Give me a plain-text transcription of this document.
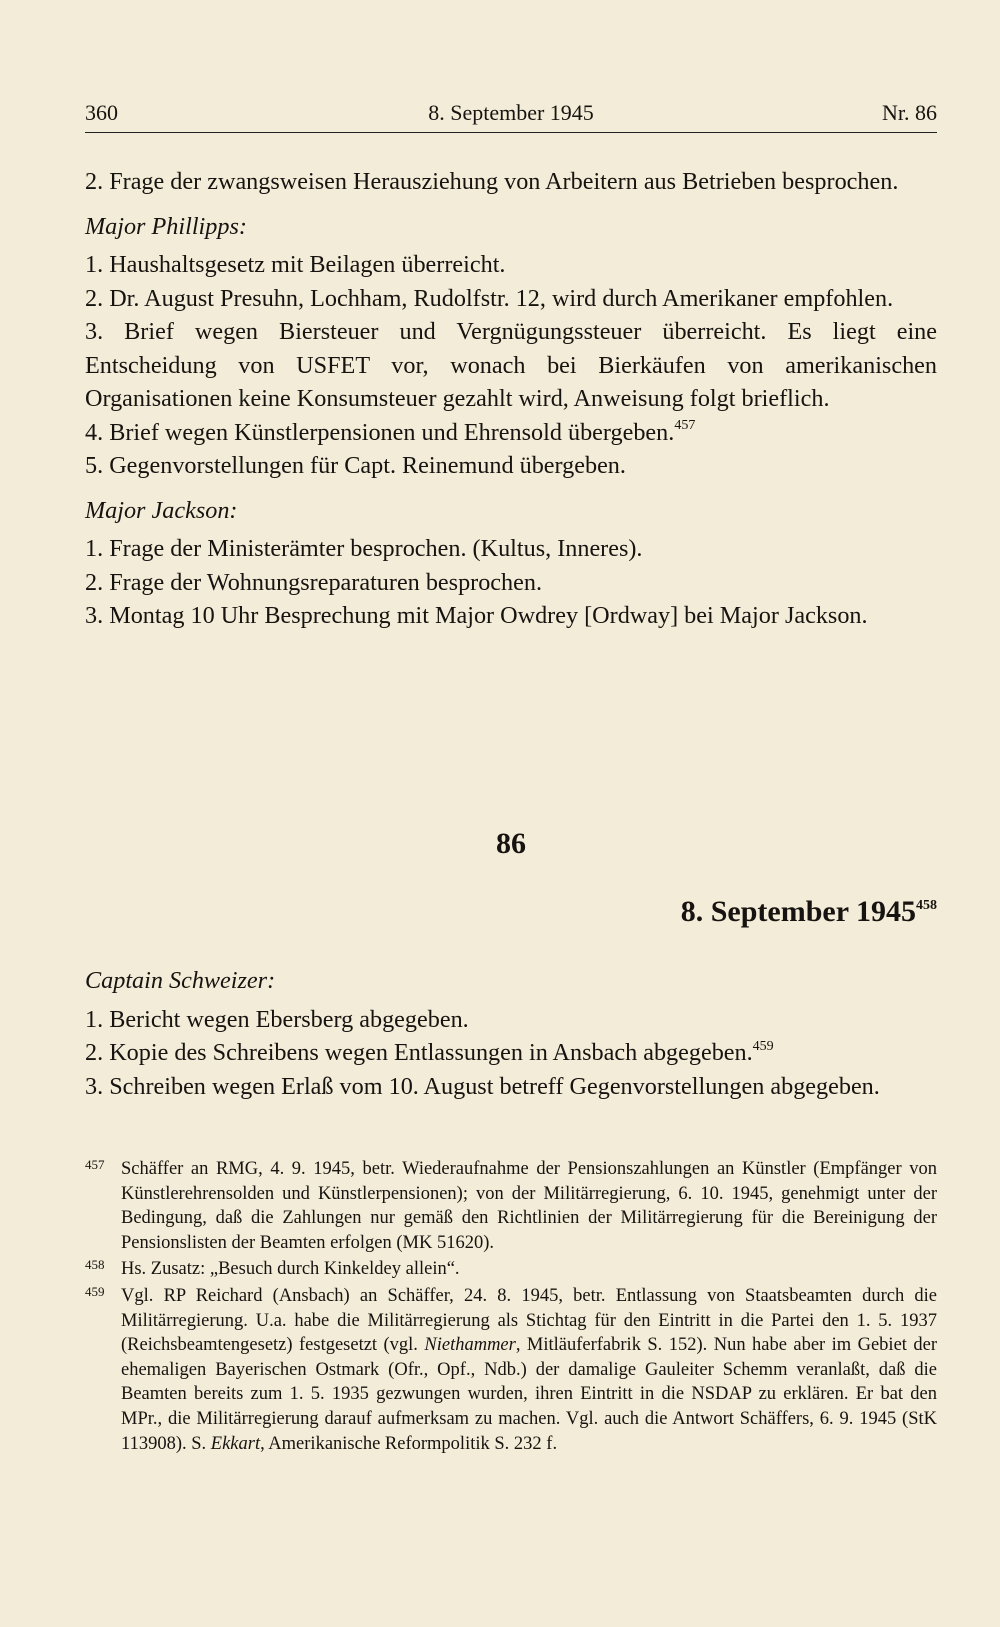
360	8. September 1945	Nr. 86

2. Frage der zwangsweisen Herausziehung von Arbeitern aus Betrieben besprochen.

Major Phillipps:

1. Haushaltsgesetz mit Beilagen überreicht.

2. Dr. August Presuhn, Lochham, Rudolfstr. 12, wird durch Amerikaner empfohlen.

3. Brief wegen Biersteuer und Vergnügungssteuer überreicht. Es liegt eine Entscheidung von USFET vor, wonach bei Bierkäufen von amerikanischen Organisationen keine Konsumsteuer gezahlt wird, Anweisung folgt brieflich.

4. Brief wegen Künstlerpensionen und Ehrensold übergeben.$^{457}$

5. Gegenvorstellungen für Capt. Reinemund übergeben.

Major Jackson:

1. Frage der Ministerämter besprochen. (Kultus, Inneres).

2. Frage der Wohnungsreparaturen besprochen.

3. Montag 10 Uhr Besprechung mit Major Owdrey [Ordway] bei Major Jackson.

86
8. September 1945$^{458}$

Captain Schweizer:

1. Bericht wegen Ebersberg abgegeben.

2. Kopie des Schreibens wegen Entlassungen in Ansbach abgegeben.$^{459}$

3. Schreiben wegen Erlaß vom 10. August betreff Gegenvorstellungen abgegeben.

457 Schäffer an RMG, 4. 9. 1945, betr. Wiederaufnahme der Pensionszahlungen an Künstler (Empfänger von Künstlerehrensolden und Künstlerpensionen); von der Militärregierung, 6. 10. 1945, genehmigt unter der Bedingung, daß die Zahlungen nur gemäß den Richtlinien der Militärregierung für die Bereinigung der Pensionslisten der Beamten erfolgen (MK 51620).

458 Hs. Zusatz: „Besuch durch Kinkeldey allein“.

459 Vgl. RP Reichard (Ansbach) an Schäffer, 24. 8. 1945, betr. Entlassung von Staatsbeamten durch die Militärregierung. U.a. habe die Militärregierung als Stichtag für den Eintritt in die Partei den 1. 5. 1937 (Reichsbeamtengesetz) festgesetzt (vgl. Niethammer, Mitläuferfabrik S. 152). Nun habe aber im Gebiet der ehemaligen Bayerischen Ostmark (Ofr., Opf., Ndb.) der damalige Gauleiter Schemm veranlaßt, daß die Beamten bereits zum 1. 5. 1935 gezwungen wurden, ihren Eintritt in die NSDAP zu erklären. Er bat den MPr., die Militärregierung darauf aufmerksam zu machen. Vgl. auch die Antwort Schäffers, 6. 9. 1945 (StK 113908). S. Ekkart, Amerikanische Reformpolitik S. 232 f.
